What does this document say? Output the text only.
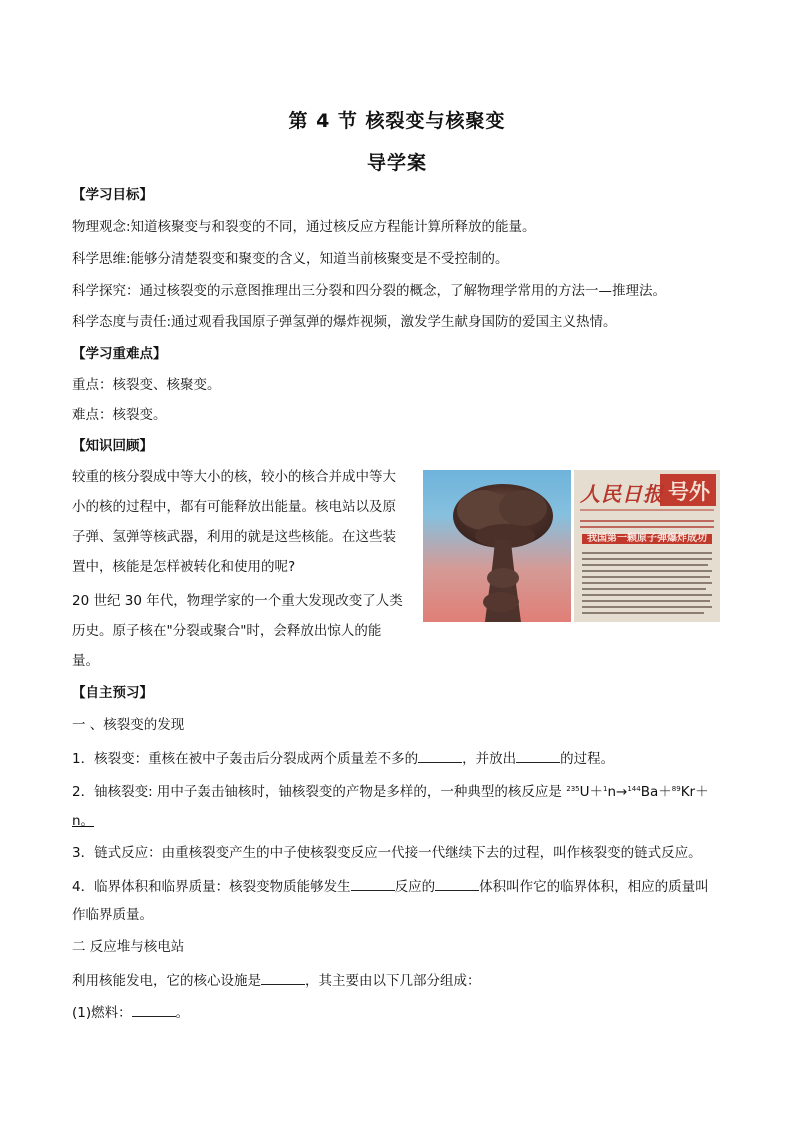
第 4 节 核裂变与核聚变
导学案
【学习目标】
物理观念:知道核聚变与和裂变的不同，通过核反应方程能计算所释放的能量。
科学思维:能够分清楚裂变和聚变的含义，知道当前核聚变是不受控制的。
科学探究：通过核裂变的示意图推理出三分裂和四分裂的概念，了解物理学常用的方法一—推理法。
科学态度与责任:通过观看我国原子弹氢弹的爆炸视频，激发学生献身国防的爱国主义热情。
【学习重难点】
重点：核裂变、核聚变。
难点：核裂变。
【知识回顾】
较重的核分裂成中等大小的核，较小的核合并成中等大
小的核的过程中，都有可能释放出能量。核电站以及原
子弹、氢弹等核武器，利用的就是这些核能。在这些装
置中，核能是怎样被转化和使用的呢?
20 世纪 30 年代，物理学家的一个重大发现改变了人类
历史。原子核在"分裂或聚合"时，会释放出惊人的能
量。
人民日报 号外
我国第一颗原子弹爆炸成功
【自主预习】
一 、核裂变的发现
1．核裂变：重核在被中子轰击后分裂成两个质量差不多的	，并放出	的过程。
2．铀核裂变: 用中子轰击铀核时，铀核裂变的产物是多样的，一种典型的核反应是 $^{235}$U＋$^1$n→$^{144}$Ba＋$^{89}$Kr＋
n。
3．链式反应：由重核裂变产生的中子使核裂变反应一代接一代继续下去的过程，叫作核裂变的链式反应。
4．临界体积和临界质量：核裂变物质能够发生	反应的	体积叫作它的临界体积，相应的质量叫
作临界质量。
二 反应堆与核电站
利用核能发电，它的核心设施是	，其主要由以下几部分组成：
(1)燃料：	。
